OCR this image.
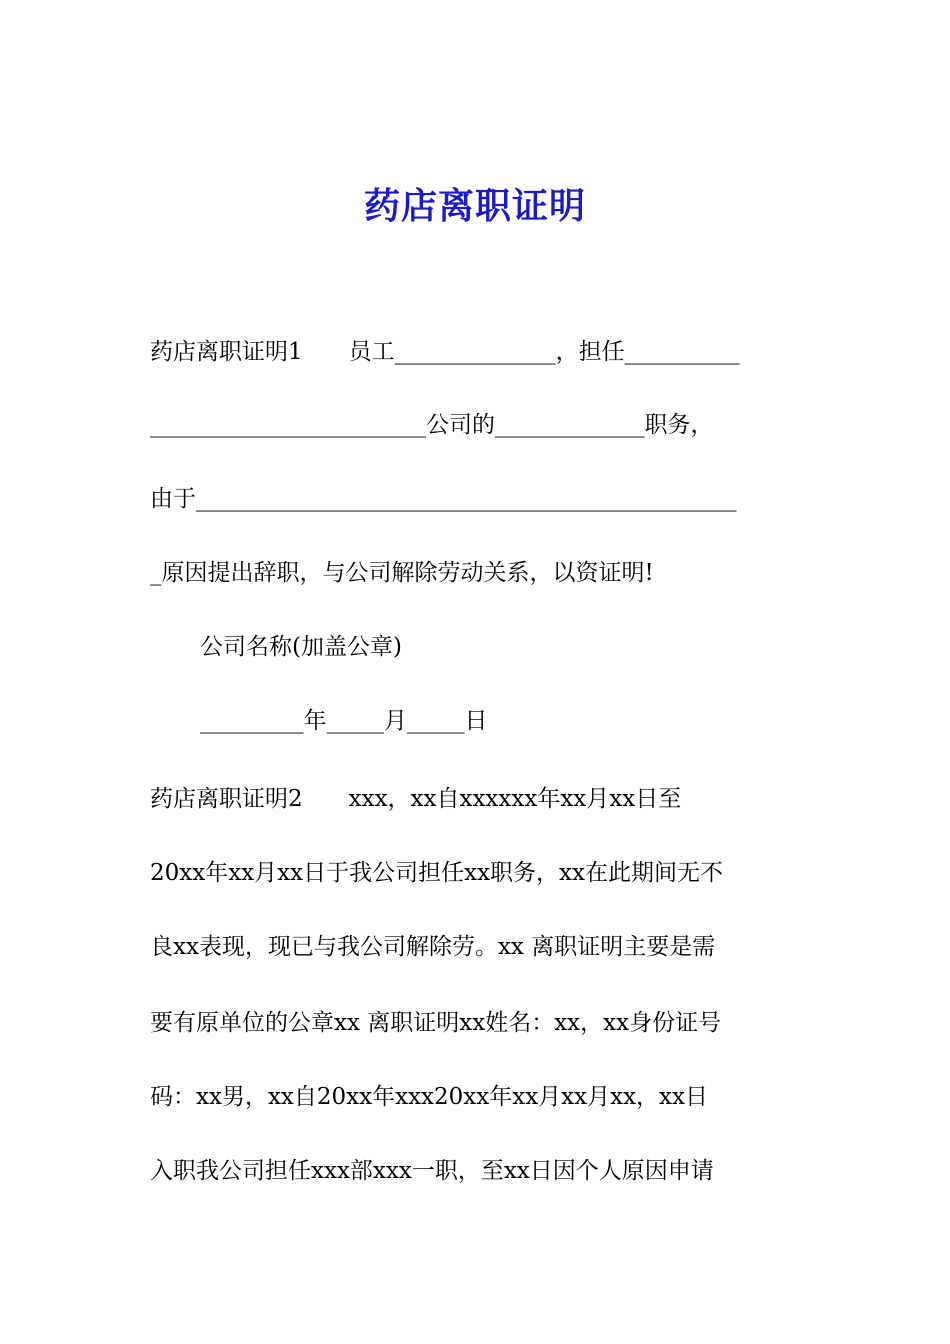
药店离职证明
药店离职证明1　　员工______________，担任__________
________________________公司的_____________职务，
由于_______________________________________________
_原因提出辞职，与公司解除劳动关系，以资证明!
公司名称(加盖公章)
_________年_____月_____日
药店离职证明2　　xxx，xx自xxxxxx年xx月xx日至
20xx年xx月xx日于我公司担任xx职务，xx在此期间无不
良xx表现，现已与我公司解除劳。xx 离职证明主要是需
要有原单位的公章xx 离职证明xx姓名：xx，xx身份证号
码：xx男，xx自20xx年xxx20xx年xx月xx月xx，xx日
入职我公司担任xxx部xxx一职，至xx日因个人原因申请
